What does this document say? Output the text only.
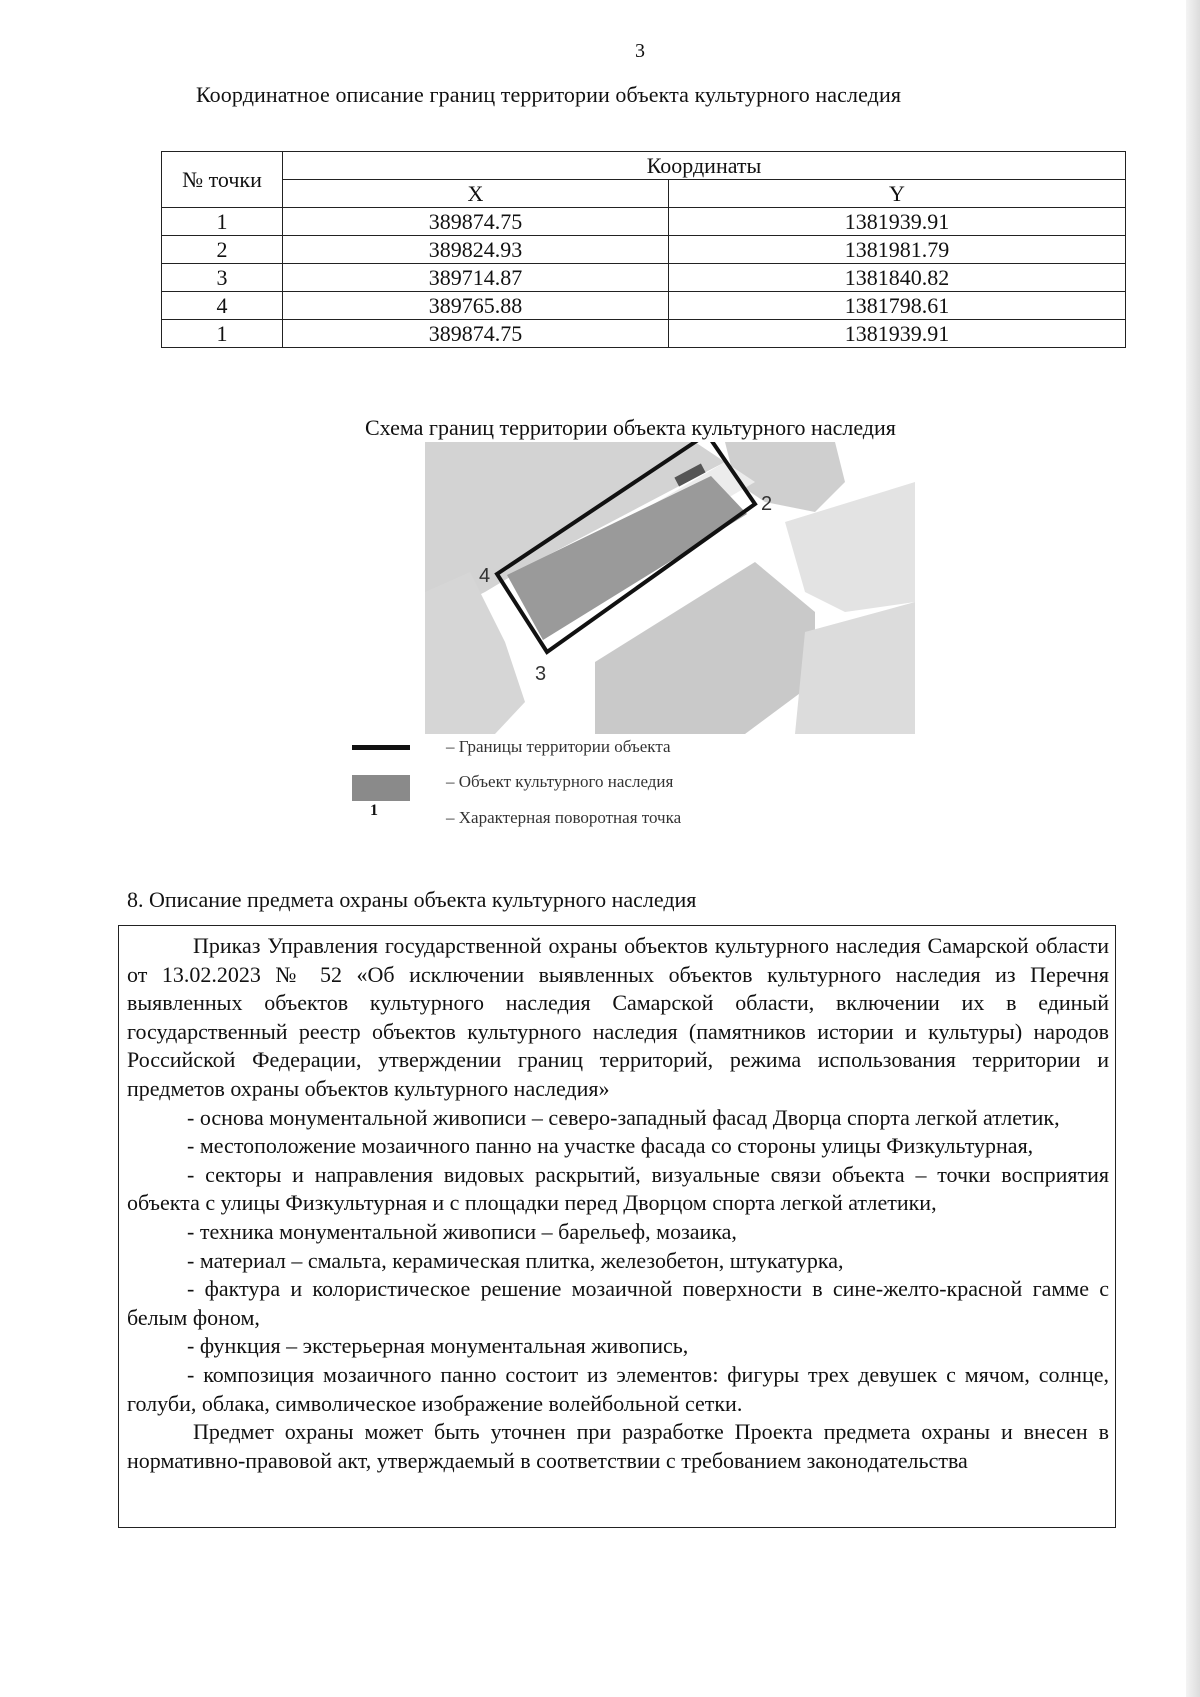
3
Координатное описание границ территории объекта культурного наследия
№ точки	Координаты	
	X	Y
1	389874.75	1381939.91
2	389824.93	1381981.79
3	389714.87	1381840.82
4	389765.88	1381798.61
1	389874.75	1381939.91
Схема границ территории объекта культурного наследия
2
3
4
– Границы территории объекта
– Объект культурного наследия
1	– Характерная поворотная точка
8. Описание предмета охраны объекта культурного наследия

Приказ Управления государственной охраны объектов культурного наследия Самарской области от 13.02.2023 № 52 «Об исключении выявленных объектов культурного наследия из Перечня выявленных объектов культурного наследия Самарской области, включении их в единый государственный реестр объектов культурного наследия (памятников истории и культуры) народов Российской Федерации, утверждении границ территорий, режима использования территории и предметов охраны объектов культурного наследия»

- основа монументальной живописи – северо-западный фасад Дворца спорта легкой атлетик,

- местоположение мозаичного панно на участке фасада со стороны улицы Физкультурная,

- секторы и направления видовых раскрытий, визуальные связи объекта – точки восприятия объекта с улицы Физкультурная и с площадки перед Дворцом спорта легкой атлетики,

- техника монументальной живописи – барельеф, мозаика,

- материал – смальта, керамическая плитка, железобетон, штукатурка,

- фактура и колористическое решение мозаичной поверхности в сине-желто-красной гамме с белым фоном,

- функция – экстерьерная монументальная живопись,

- композиция мозаичного панно состоит из элементов: фигуры трех девушек с мячом, солнце, голуби, облака, символическое изображение волейбольной сетки.

Предмет охраны может быть уточнен при разработке Проекта предмета охраны и внесен в нормативно-правовой акт, утверждаемый в соответствии с требованием законодательства
